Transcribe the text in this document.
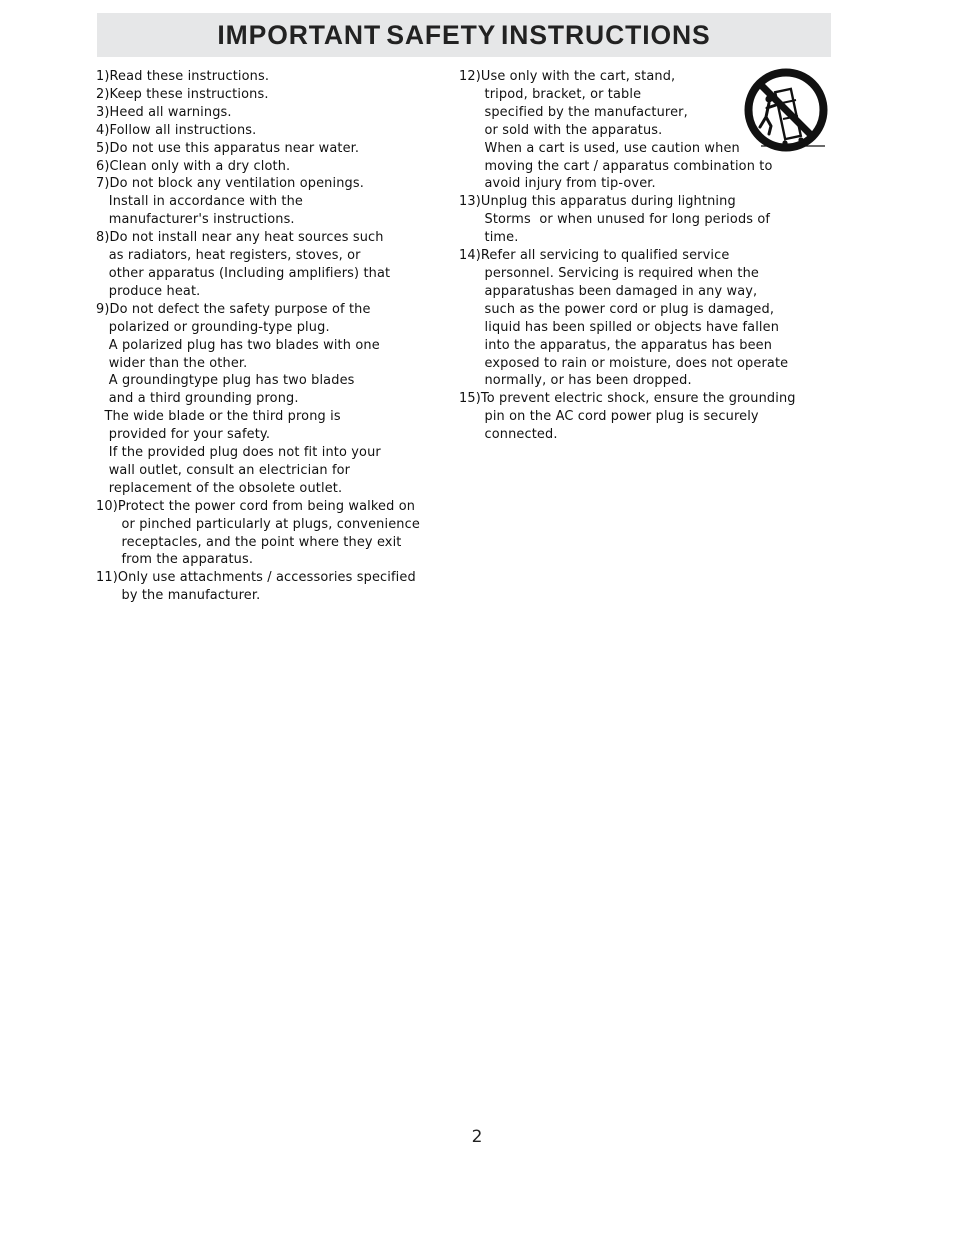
IMPORTANT SAFETY INSTRUCTIONS
1)Read these instructions.
2)Keep these instructions.
3)Heed all warnings.
4)Follow all instructions.
5)Do not use this apparatus near water.
6)Clean only with a dry cloth.
7)Do not block any ventilation openings.
Install in accordance with the
manufacturer's instructions.
8)Do not install near any heat sources such
as radiators, heat registers, stoves, or
other apparatus (Including amplifiers) that
produce heat.
9)Do not defect the safety purpose of the
polarized or grounding-type plug.
A polarized plug has two blades with one
wider than the other.
A groundingtype plug has two blades
and a third grounding prong.
The wide blade or the third prong is
provided for your safety.
If the provided plug does not fit into your
wall outlet, consult an electrician for
replacement of the obsolete outlet.
10)Protect the power cord from being walked on
or pinched particularly at plugs, convenience
receptacles, and the point where they exit
from the apparatus.
11)Only use attachments / accessories specified
by the manufacturer.
12)Use only with the cart, stand,
tripod, bracket, or table
specified by the manufacturer,
or sold with the apparatus.
When a cart is used, use caution when
moving the cart / apparatus combination to
avoid injury from tip-over.
13)Unplug this apparatus during lightning
Storms  or when unused for long periods of
time.
14)Refer all servicing to qualified service
personnel. Servicing is required when the
apparatushas been damaged in any way,
such as the power cord or plug is damaged,
liquid has been spilled or objects have fallen
into the apparatus, the apparatus has been
exposed to rain or moisture, does not operate
normally, or has been dropped.
15)To prevent electric shock, ensure the grounding
pin on the AC cord power plug is securely
connected.
2
